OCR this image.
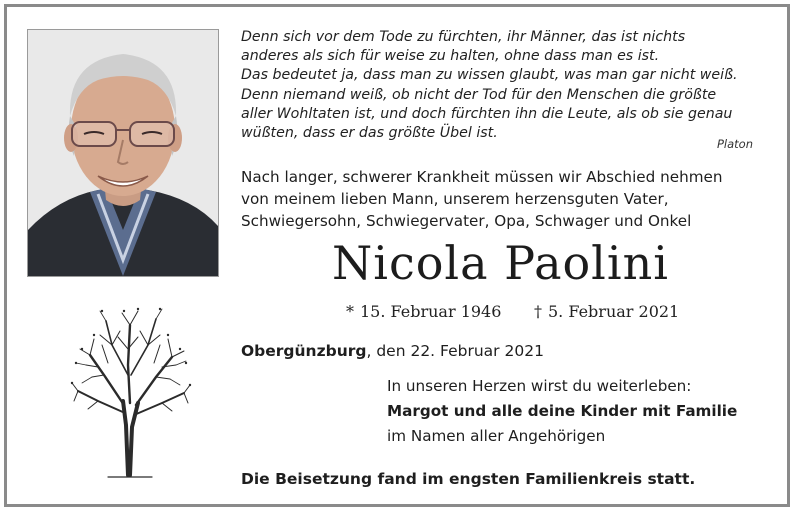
Denn sich vor dem Tode zu fürchten, ihr Männer, das ist nichts
anderes als sich für weise zu halten, ohne dass man es ist.
Das bedeutet ja, dass man zu wissen glaubt, was man gar nicht weiß.
Denn niemand weiß, ob nicht der Tod für den Menschen die größte
aller Wohltaten ist, und doch fürchten ihn die Leute, als ob sie genau
wüßten, dass er das größte Übel ist.
Platon
Nach langer, schwerer Krankheit müssen wir Abschied nehmen
von meinem lieben Mann, unserem herzensguten Vater,
Schwiegersohn, Schwiegervater, Opa, Schwager und Onkel
Nicola Paolini
* 15. Februar 1946 † 5. Februar 2021
Obergünzburg, den 22. Februar 2021
In unseren Herzen wirst du weiterleben:
Margot und alle deine Kinder mit Familie
im Namen aller Angehörigen
Die Beisetzung fand im engsten Familienkreis statt.
